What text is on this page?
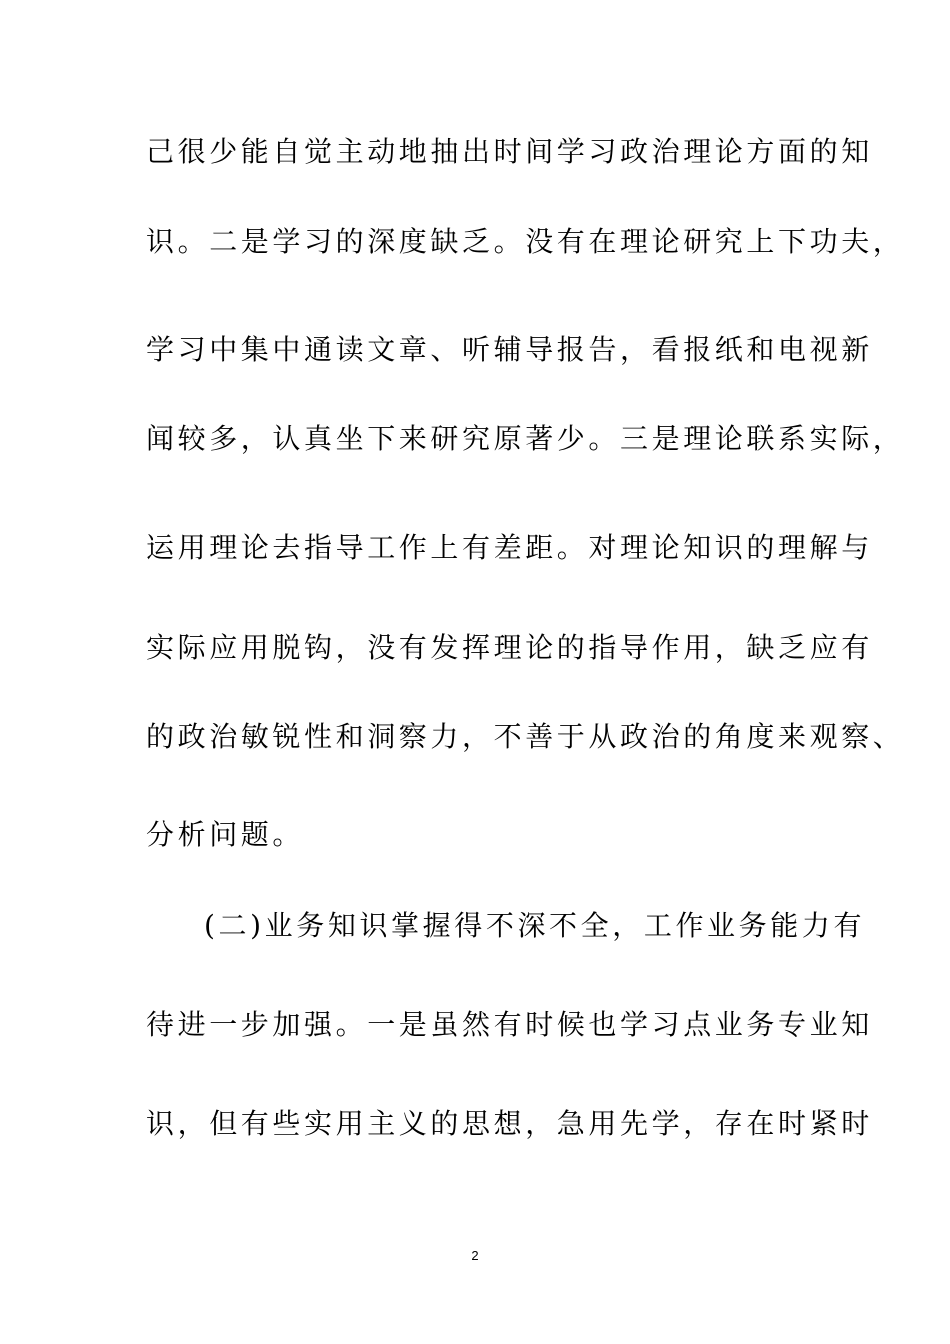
己很少能自觉主动地抽出时间学习政治理论方面的知
识。二是学习的深度缺乏。没有在理论研究上下功夫，
学习中集中通读文章、听辅导报告，看报纸和电视新
闻较多，认真坐下来研究原著少。三是理论联系实际，
运用理论去指导工作上有差距。对理论知识的理解与
实际应用脱钩，没有发挥理论的指导作用，缺乏应有
的政治敏锐性和洞察力，不善于从政治的角度来观察、
分析问题。
(二)业务知识掌握得不深不全，工作业务能力有
待进一步加强。一是虽然有时候也学习点业务专业知
识，但有些实用主义的思想，急用先学，存在时紧时
2
